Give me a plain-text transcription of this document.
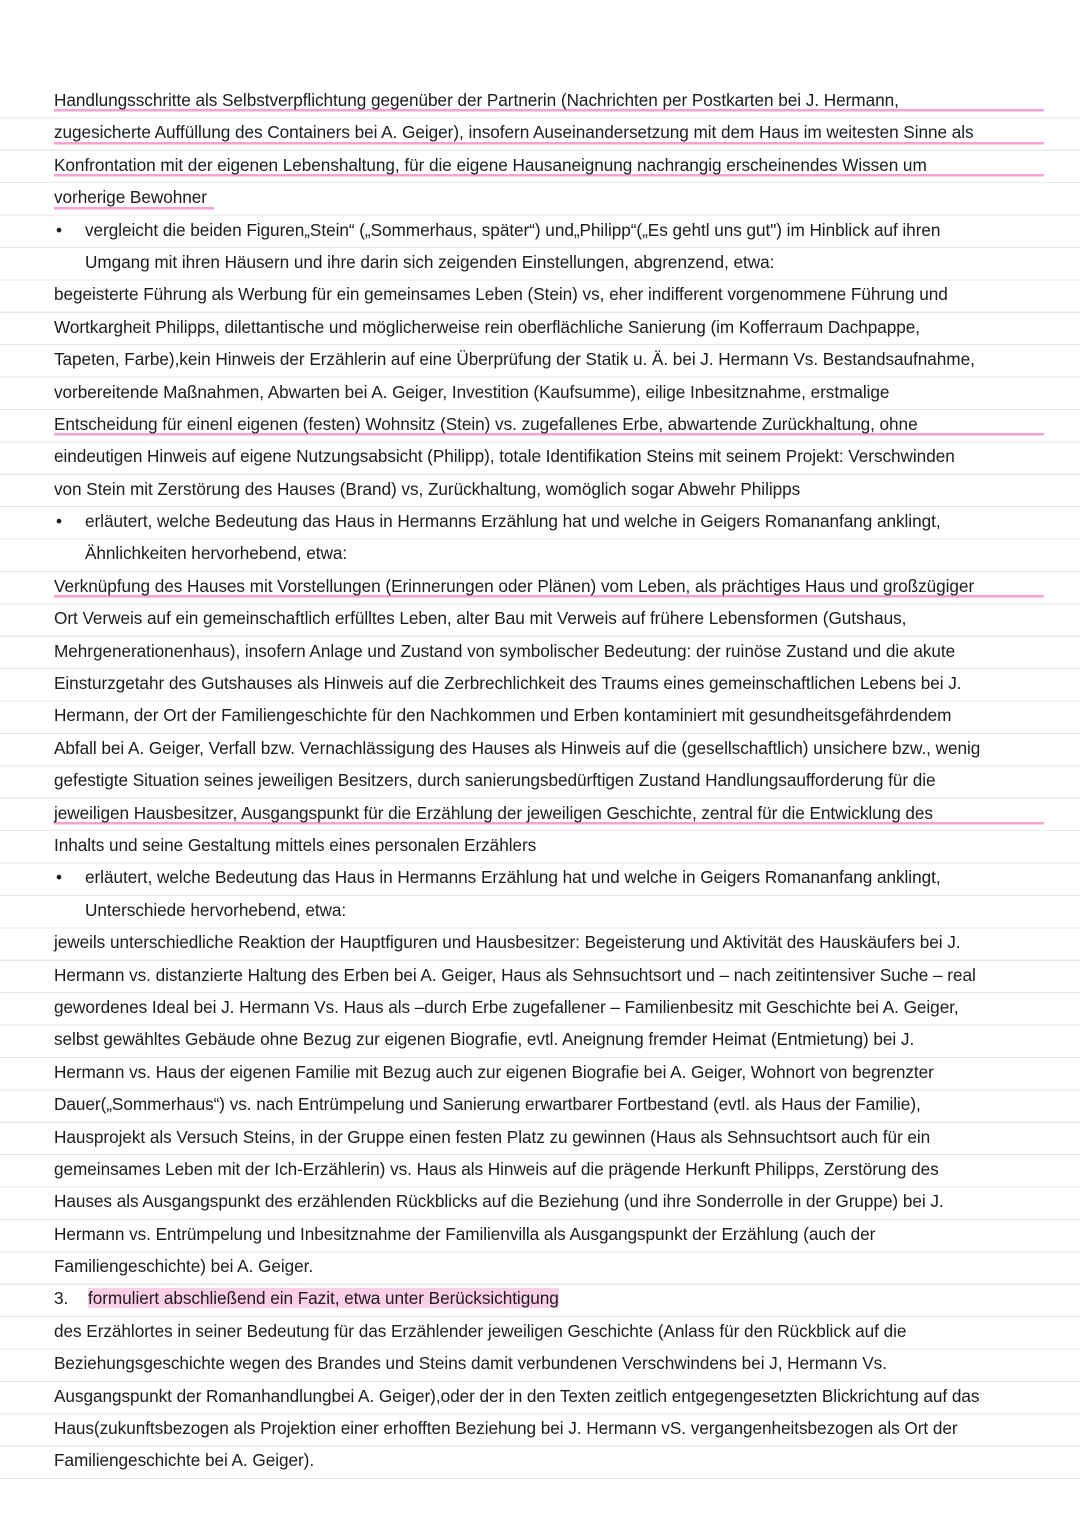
Handlungsschritte als Selbstverpflichtung gegenüber der Partnerin (Nachrichten per Postkarten bei J. Hermann,
zugesicherte Auffüllung des Containers bei A. Geiger), insofern Auseinandersetzung mit dem Haus im weitesten Sinne als
Konfrontation mit der eigenen Lebenshaltung, für die eigene Hausaneignung nachrangig erscheinendes Wissen um
vorherige Bewohner
• vergleicht die beiden Figuren„Stein“ („Sommerhaus, später“) und„Philipp“(„Es gehtl uns gut") im Hinblick auf ihren
Umgang mit ihren Häusern und ihre darin sich zeigenden Einstellungen, abgrenzend, etwa:
begeisterte Führung als Werbung für ein gemeinsames Leben (Stein) vs, eher indifferent vorgenommene Führung und
Wortkargheit Philipps, dilettantische und möglicherweise rein oberflächliche Sanierung (im Kofferraum Dachpappe,
Tapeten, Farbe),kein Hinweis der Erzählerin auf eine Überprüfung der Statik u. Ä. bei J. Hermann Vs. Bestandsaufnahme,
vorbereitende Maßnahmen, Abwarten bei A. Geiger, Investition (Kaufsumme), eilige Inbesitznahme, erstmalige
Entscheidung für einenl eigenen (festen) Wohnsitz (Stein) vs. zugefallenes Erbe, abwartende Zurückhaltung, ohne
eindeutigen Hinweis auf eigene Nutzungsabsicht (Philipp), totale Identifikation Steins mit seinem Projekt: Verschwinden
von Stein mit Zerstörung des Hauses (Brand) vs, Zurückhaltung, womöglich sogar Abwehr Philipps
• erläutert, welche Bedeutung das Haus in Hermanns Erzählung hat und welche in Geigers Romananfang anklingt,
Ähnlichkeiten hervorhebend, etwa:
Verknüpfung des Hauses mit Vorstellungen (Erinnerungen oder Plänen) vom Leben, als prächtiges Haus und großzügiger
Ort Verweis auf ein gemeinschaftlich erfülltes Leben, alter Bau mit Verweis auf frühere Lebensformen (Gutshaus,
Mehrgenerationenhaus), insofern Anlage und Zustand von symbolischer Bedeutung: der ruinöse Zustand und die akute
Einsturzgetahr des Gutshauses als Hinweis auf die Zerbrechlichkeit des Traums eines gemeinschaftlichen Lebens bei J.
Hermann, der Ort der Familiengeschichte für den Nachkommen und Erben kontaminiert mit gesundheitsgefährdendem
Abfall bei A. Geiger, Verfall bzw. Vernachlässigung des Hauses als Hinweis auf die (gesellschaftlich) unsichere bzw., wenig
gefestigte Situation seines jeweiligen Besitzers, durch sanierungsbedürftigen Zustand Handlungsaufforderung für die
jeweiligen Hausbesitzer, Ausgangspunkt für die Erzählung der jeweiligen Geschichte, zentral für die Entwicklung des
Inhalts und seine Gestaltung mittels eines personalen Erzählers
• erläutert, welche Bedeutung das Haus in Hermanns Erzählung hat und welche in Geigers Romananfang anklingt,
Unterschiede hervorhebend, etwa:
jeweils unterschiedliche Reaktion der Hauptfiguren und Hausbesitzer: Begeisterung und Aktivität des Hauskäufers bei J.
Hermann vs. distanzierte Haltung des Erben bei A. Geiger, Haus als Sehnsuchtsort und – nach zeitintensiver Suche – real
gewordenes Ideal bei J. Hermann Vs. Haus als –durch Erbe zugefallener – Familienbesitz mit Geschichte bei A. Geiger,
selbst gewähltes Gebäude ohne Bezug zur eigenen Biografie, evtl. Aneignung fremder Heimat (Entmietung) bei J.
Hermann vs. Haus der eigenen Familie mit Bezug auch zur eigenen Biografie bei A. Geiger, Wohnort von begrenzter
Dauer(„Sommerhaus“) vs. nach Entrümpelung und Sanierung erwartbarer Fortbestand (evtl. als Haus der Familie),
Hausprojekt als Versuch Steins, in der Gruppe einen festen Platz zu gewinnen (Haus als Sehnsuchtsort auch für ein
gemeinsames Leben mit der Ich-Erzählerin) vs. Haus als Hinweis auf die prägende Herkunft Philipps, Zerstörung des
Hauses als Ausgangspunkt des erzählenden Rückblicks auf die Beziehung (und ihre Sonderrolle in der Gruppe) bei J.
Hermann vs. Entrümpelung und Inbesitznahme der Familienvilla als Ausgangspunkt der Erzählung (auch der
Familiengeschichte) bei A. Geiger.
3. formuliert abschließend ein Fazit, etwa unter Berücksichtigung
des Erzählortes in seiner Bedeutung für das Erzählender jeweiligen Geschichte (Anlass für den Rückblick auf die
Beziehungsgeschichte wegen des Brandes und Steins damit verbundenen Verschwindens bei J, Hermann Vs.
Ausgangspunkt der Romanhandlungbei A. Geiger),oder der in den Texten zeitlich entgegengesetzten Blickrichtung auf das
Haus(zukunftsbezogen als Projektion einer erhofften Beziehung bei J. Hermann vS. vergangenheitsbezogen als Ort der
Familiengeschichte bei A. Geiger).
